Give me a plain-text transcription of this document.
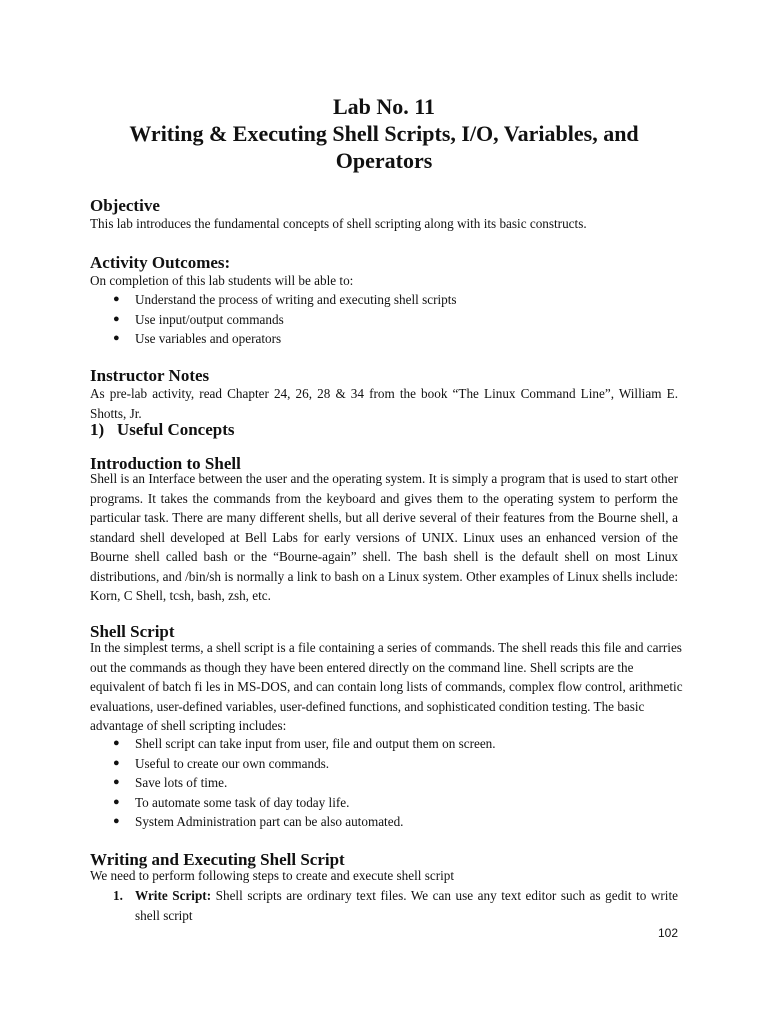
Lab No. 11
Writing & Executing Shell Scripts, I/O, Variables, and
Operators
Objective
This lab introduces the fundamental concepts of shell scripting along with its basic constructs.
Activity Outcomes:
On completion of this lab students will be able to:
● Understand the process of writing and executing shell scripts
● Use input/output commands
● Use variables and operators
Instructor Notes
As pre-lab activity, read Chapter 24, 26, 28 & 34 from the book “The Linux Command Line”, William E. Shotts, Jr.
1)   Useful Concepts
Introduction to Shell
Shell is an Interface between the user and the operating system. It is simply a program that is used to start other programs. It takes the commands from the keyboard and gives them to the operating system to perform the particular task. There are many different shells, but all derive several of their features from the Bourne shell, a standard shell developed at Bell Labs for early versions of UNIX. Linux uses an enhanced version of the Bourne shell called bash or the “Bourne-again” shell. The bash shell is the default shell on most Linux distributions, and /bin/sh is normally a link to bash on a Linux system. Other examples of Linux shells include: Korn, C Shell, tcsh, bash, zsh, etc.
Shell Script
In the simplest terms, a shell script is a file containing a series of commands. The shell reads this file and carries out the commands as though they have been entered directly on the command line. Shell scripts are the equivalent of batch fi les in MS-DOS, and can contain long lists of commands, complex flow control, arithmetic evaluations, user-defined variables, user-defined functions, and sophisticated condition testing. The basic advantage of shell scripting includes:
● Shell script can take input from user, file and output them on screen.
● Useful to create our own commands.
● Save lots of time.
● To automate some task of day today life.
● System Administration part can be also automated.
Writing and Executing Shell Script
We need to perform following steps to create and execute shell script
1. Write Script: Shell scripts are ordinary text files. We can use any text editor such as gedit to write shell script
102
